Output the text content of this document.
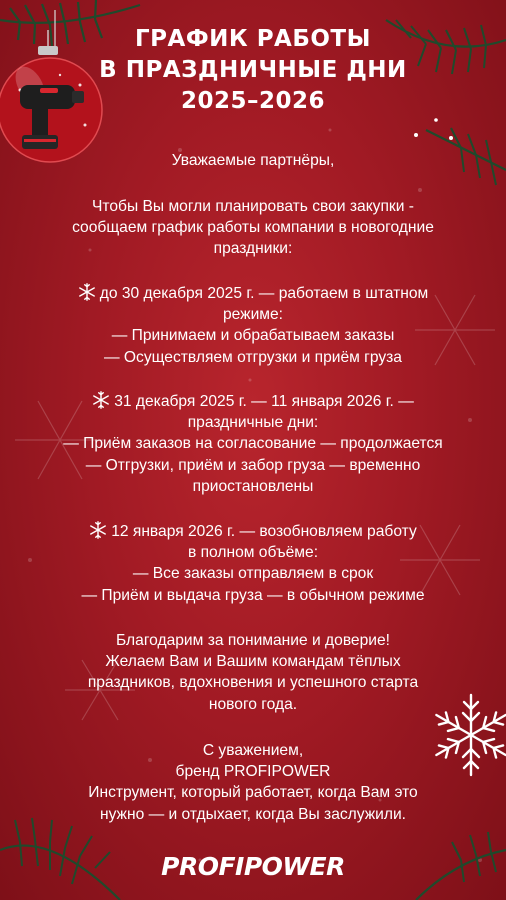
ГРАФИК РАБОТЫ
В ПРАЗДНИЧНЫЕ ДНИ
2025–2026
Уважаемые партнёры,
Чтобы Вы могли планировать свои закупки -
сообщаем график работы компании в новогодние
праздники:
до 30 декабря 2025 г. — работаем в штатном
режиме:
— Принимаем и обрабатываем заказы
— Осуществляем отгрузки и приём груза
31 декабря 2025 г. — 11 января 2026 г. —
праздничные дни:
— Приём заказов на согласование — продолжается
— Отгрузки, приём и забор груза — временно
приостановлены
12 января 2026 г. — возобновляем работу
в полном объёме:
— Все заказы отправляем в срок
— Приём и выдача груза — в обычном режиме
Благодарим за понимание и доверие!
Желаем Вам и Вашим командам тёплых
праздников, вдохновения и успешного старта
нового года.
С уважением,
бренд PROFIPOWER
Инструмент, который работает, когда Вам это
нужно — и отдыхает, когда Вы заслужили.
PROFIPOWER
